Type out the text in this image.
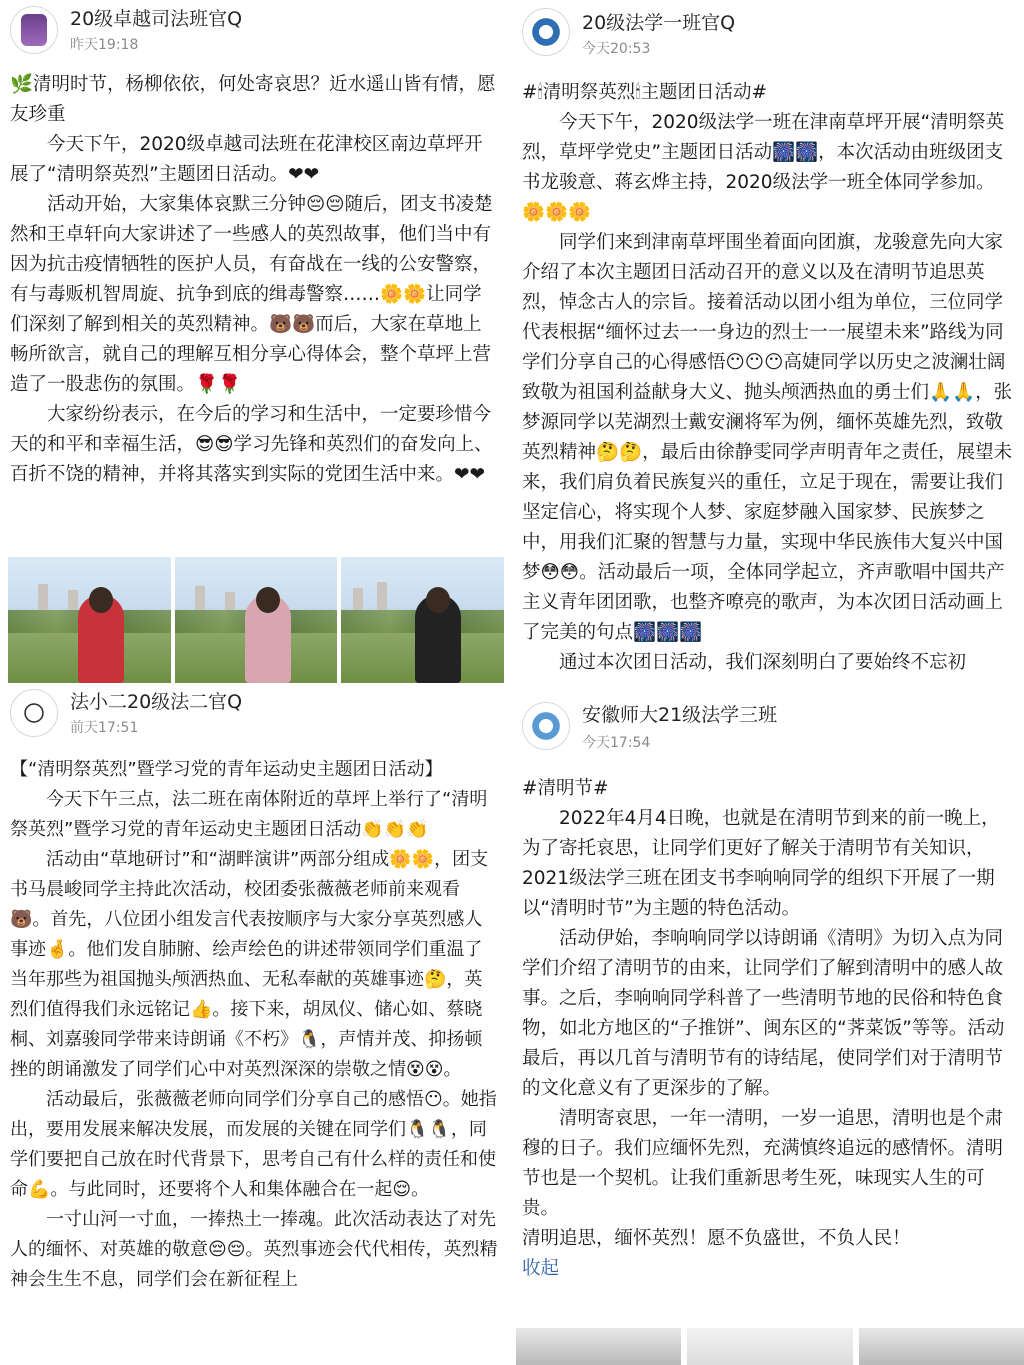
20级卓越司法班官Q
昨天19:18

🌿清明时节，杨柳依依，何处寄哀思？近水遥山皆有情，愿友珍重

今天下午，2020级卓越司法班在花津校区南边草坪开展了“清明祭英烈”主题团日活动。❤❤

活动开始，大家集体哀默三分钟😔😔随后，团支书凌楚然和王卓轩向大家讲述了一些感人的英烈故事，他们当中有因为抗击疫情牺牲的医护人员，有奋战在一线的公安警察，有与毒贩机智周旋、抗争到底的缉毒警察……🌼🌼让同学们深刻了解到相关的英烈精神。🐻🐻而后，大家在草地上畅所欲言，就自己的理解互相分享心得体会，整个草坪上营造了一股悲伤的氛围。🌹🌹

大家纷纷表示，在今后的学习和生活中，一定要珍惜今天的和平和幸福生活，😎😎学习先锋和英烈们的奋发向上、百折不饶的精神，并将其落实到实际的党团生活中来。❤❤

20级法学一班官Q
今天20:53

#🕯清明祭英烈🕯主题团日活动#

今天下午，2020级法学一班在津南草坪开展“清明祭英烈，草坪学党史”主题团日活动🎆🎆，本次活动由班级团支书龙骏意、蒋玄烨主持，2020级法学一班全体同学参加。🌼🌼🌼

同学们来到津南草坪围坐着面向团旗，龙骏意先向大家介绍了本次主题团日活动召开的意义以及在清明节追思英烈，悼念古人的宗旨。接着活动以团小组为单位，三位同学代表根据“缅怀过去一一身边的烈士一一展望未来”路线为同学们分享自己的心得感悟😶😶😶高婕同学以历史之波澜壮阔致敬为祖国利益献身大义、抛头颅洒热血的勇士们🙏🙏，张梦源同学以芜湖烈士戴安澜将军为例，缅怀英雄先烈，致敬英烈精神🤔🤔，最后由徐静雯同学声明青年之责任，展望未来，我们肩负着民族复兴的重任，立足于现在，需要让我们坚定信心，将实现个人梦、家庭梦融入国家梦、民族梦之中，用我们汇聚的智慧与力量，实现中华民族伟大复兴中国梦😳😳。活动最后一项，全体同学起立，齐声歌唱中国共产主义青年团团歌，也整齐嘹亮的歌声，为本次团日活动画上了完美的句点🎆🎆🎆

通过本次团日活动，我们深刻明白了要始终不忘初

法小二20级法二官Q
前天17:51

【“清明祭英烈”暨学习党的青年运动史主题团日活动】

今天下午三点，法二班在南体附近的草坪上举行了“清明祭英烈”暨学习党的青年运动史主题团日活动👏👏👏

活动由“草地研讨”和“湖畔演讲”两部分组成🌼🌼，团支书马晨峻同学主持此次活动，校团委张薇薇老师前来观看🐻。首先，八位团小组发言代表按顺序与大家分享英烈感人事迹🤞。他们发自肺腑、绘声绘色的讲述带领同学们重温了当年那些为祖国抛头颅洒热血、无私奉献的英雄事迹🤔，英烈们值得我们永远铭记👍。接下来，胡凤仪、储心如、蔡晓桐、刘嘉骏同学带来诗朗诵《不朽》🐧，声情并茂、抑扬顿挫的朗诵激发了同学们心中对英烈深深的崇敬之情😵😵。

活动最后，张薇薇老师向同学们分享自己的感悟😶。她指出，要用发展来解决发展，而发展的关键在同学们🐧🐧，同学们要把自己放在时代背景下，思考自己有什么样的责任和使命💪。与此同时，还要将个人和集体融合在一起😌。

一寸山河一寸血，一捧热土一捧魂。此次活动表达了对先人的缅怀、对英雄的敬意😔😔。英烈事迹会代代相传，英烈精神会生生不息，同学们会在新征程上

安徽师大21级法学三班
今天17:54

#清明节#

2022年4月4日晚，也就是在清明节到来的前一晚上，为了寄托哀思，让同学们更好了解关于清明节有关知识，2021级法学三班在团支书李响响同学的组织下开展了一期以“清明时节”为主题的特色活动。

活动伊始，李响响同学以诗朗诵《清明》为切入点为同学们介绍了清明节的由来，让同学们了解到清明中的感人故事。之后，李响响同学科普了一些清明节地的民俗和特色食物，如北方地区的“子推饼”、闽东区的“荠菜饭”等等。活动最后，再以几首与清明节有的诗结尾，使同学们对于清明节的文化意义有了更深步的了解。

清明寄哀思，一年一清明，一岁一追思，清明也是个肃穆的日子。我们应缅怀先烈，充满慎终追远的感情怀。清明节也是一个契机。让我们重新思考生死，味现实人生的可贵。

清明追思，缅怀英烈！愿不负盛世，不负人民！

收起
